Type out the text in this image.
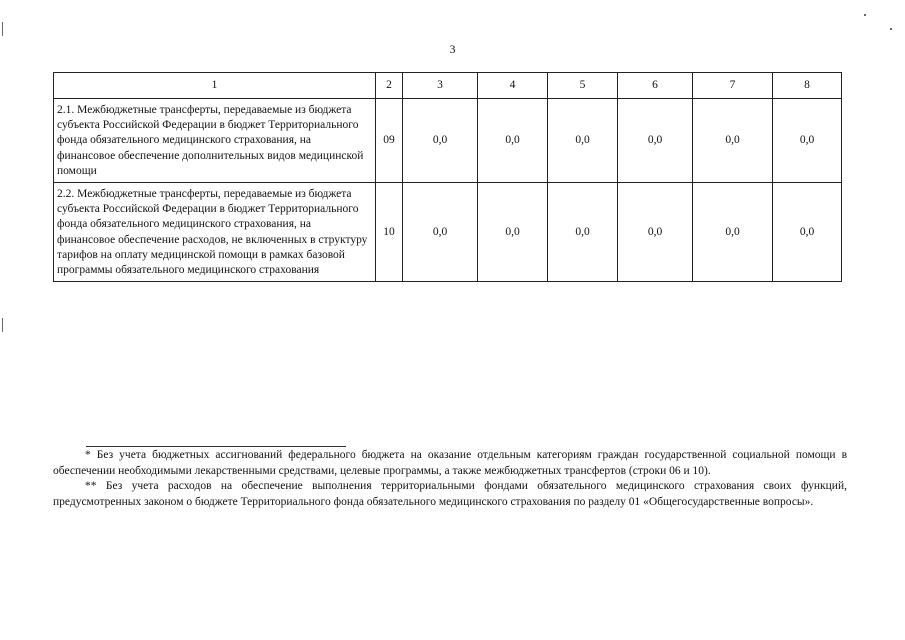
3
1	2	3	4	5	6	7	8
2.1. Межбюджетные трансферты, передаваемые из бюджета субъекта Российской Федерации в бюджет Территориального фонда обязательного медицинского страхования, на финансовое обеспечение дополнительных видов медицинской помощи	09	0,0	0,0	0,0	0,0	0,0	0,0
2.2. Межбюджетные трансферты, передаваемые из бюджета субъекта Российской Федерации в бюджет Территориального фонда обязательного медицинского страхования, на финансовое обеспечение расходов, не включенных в структуру тарифов на оплату медицинской помощи в рамках базовой программы обязательного медицинского страхования	10	0,0	0,0	0,0	0,0	0,0	0,0

* Без учета бюджетных ассигнований федерального бюджета на оказание отдельным категориям граждан государственной социальной помощи в обеспечении необходимыми лекарственными средствами, целевые программы, а также межбюджетных трансфертов (строки 06 и 10).

** Без учета расходов на обеспечение выполнения территориальными фондами обязательного медицинского страхования своих функций, предусмотренных законом о бюджете Территориального фонда обязательного медицинского страхования по разделу 01 «Общегосударственные вопросы».
